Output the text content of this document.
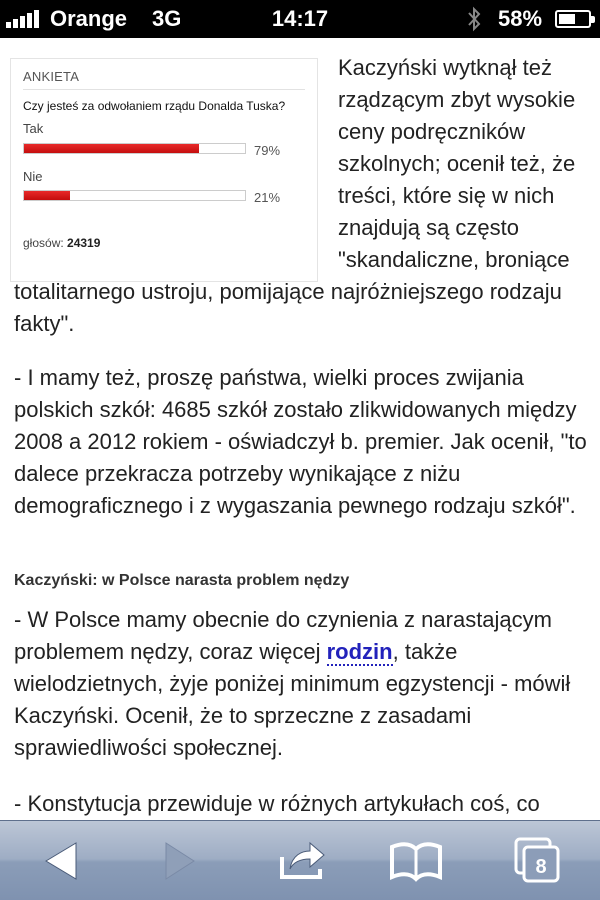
Orange 3G	14:17	58%
ANKIETA
Czy jesteś za odwołaniem rządu Donalda Tuska?
Tak
79%
Nie
21%
głosów: 24319
Kaczyński wytknął też rządzącym zbyt wysokie ceny podręczników szkolnych; ocenił też, że treści, które się w nich znajdują są często "skandaliczne, broniące
totalitarnego ustroju, pomijające najróżniejszego rodzaju fakty".
- I mamy też, proszę państwa, wielki proces zwijania polskich szkół: 4685 szkół zostało zlikwidowanych między 2008 a 2012 rokiem - oświadczył b. premier. Jak ocenił, "to dalece przekracza potrzeby wynikające z niżu demograficznego i z wygaszania pewnego rodzaju szkół".
Kaczyński: w Polsce narasta problem nędzy
- W Polsce mamy obecnie do czynienia z narastającym problemem nędzy, coraz więcej rodzin, także wielodzietnych, żyje poniżej minimum egzystencji - mówił Kaczyński. Ocenił, że to sprzeczne z zasadami sprawiedliwości społecznej.
- Konstytucja przewiduje w różnych artykułach coś, co
8
